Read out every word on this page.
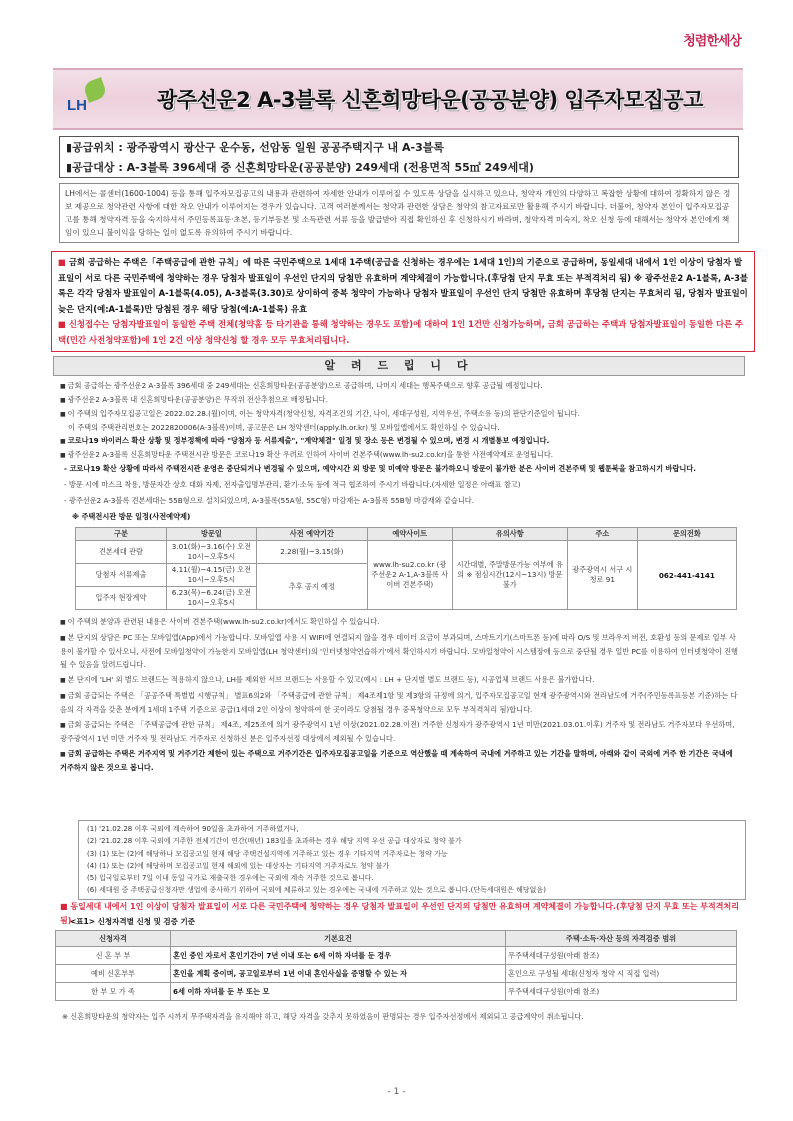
청렴한세상
LH	광주선운2 A-3블록 신혼희망타운(공공분양) 입주자모집공고
▮공급위치 : 광주광역시 광산구 운수동, 선암동 일원 공공주택지구 내 A-3블록
▮공급대상 : A-3블록 396세대 중 신혼희망타운(공공분양) 249세대 (전용면적 55㎡ 249세대)
LH에서는 콜센터(1600-1004) 등을 통해 입주자모집공고의 내용과 관련하여 자세한 안내가 이루어질 수 있도록 상담을 실시하고 있으나, 청약자 개인의 다양하고 복잡한 상황에 대하여 정확하지 않은 정보 제공으로 청약관련 사항에 대한 착오 안내가 이루어지는 경우가 있습니다. 고객 여러분께서는 청약과 관련한 상담은 청약의 참고자료로만 활용해 주시기 바랍니다. 더불어, 청약자 본인이 입주자모집공고를 통해 청약자격 등을 숙지하셔서 주민등록표등·초본, 등기부등본 및 소득관련 서류 등을 발급받아 직접 확인하신 후 신청하시기 바라며, 청약자격 미숙지, 착오 신청 등에 대해서는 청약자 본인에게 책임이 있으니 불이익을 당하는 일이 없도록 유의하여 주시기 바랍니다.
■ 금회 공급하는 주택은「주택공급에 관한 규칙」에 따른 국민주택으로 1세대 1주택(공급을 신청하는 경우에는 1세대 1인)의 기준으로 공급하며, 동일세대 내에서 1인 이상이 당첨자 발표일이 서로 다른 국민주택에 청약하는 경우 당첨자 발표일이 우선인 단지의 당첨만 유효하며 계약체결이 가능합니다.(후당첨 단지 무효 또는 부적격처리 됨) ※ 광주선운2 A-1블록, A-3블록은 각각 당첨자 발표일이 A-1블록(4.05), A-3블록(3.30)로 상이하여 중복 청약이 가능하나 당첨자 발표일이 우선인 단지 당첨만 유효하며 후당첨 단지는 무효처리 됨, 당첨자 발표일이 늦은 단지(예:A-1블록)만 당첨된 경우 해당 당첨(예:A-1블록) 유효
■ 신청접수는 당첨자발표일이 동일한 주택 전체(청약홈 등 타기관을 통해 청약하는 경우도 포함)에 대하여 1인 1건만 신청가능하며, 금회 공급하는 주택과 당첨자발표일이 동일한 다른 주택(민간 사전청약포함)에 1인 2건 이상 청약신청 할 경우 모두 무효처리됩니다.
알 려 드 립 니 다

■ 금회 공급하는 광주선운2 A-3블록 396세대 중 249세대는 신혼희망타운(공공분양)으로 공급하며, 나머지 세대는 행복주택으로 향후 공급될 예정입니다.

■ 광주선운2 A-3블록 내 신혼희망타운(공공분양)은 무작위 전산추첨으로 배정됩니다.

■ 이 주택의 입주자모집공고일은 2022.02.28.(월)이며, 이는 청약자격(청약신청, 자격조건의 기간, 나이, 세대구성원, 지역우선, 주택소유 등)의 판단기준일이 됩니다.

이 주택의 주택관리번호는 2022820006(A-3블록)이며, 공고문은 LH 청약센터(apply.lh.or.kr) 및 모바일앱에서도 확인하실 수 있습니다.

■ 코로나19 바이러스 확산 상황 및 정부정책에 따라 "당첨자 등 서류제출", "계약체결" 일정 및 장소 등은 변경될 수 있으며, 변경 시 개별통보 예정입니다.

■ 광주선운2 A-3블록 신혼희망타운 주택전시관 방문은 코로나19 확산 우려로 인하여 사이버 견본주택(www.lh-su2.co.kr)을 통한 사전예약제로 운영됩니다.

- 코로나19 확산 상황에 따라서 주택전시관 운영은 중단되거나 변경될 수 있으며, 예약시간 외 방문 및 미예약 방문은 불가하오니 방문이 불가한 분은 사이버 견본주택 및 웹툰북을 참고하시기 바랍니다.

- 방문 시에 마스크 착용, 방문자간 상호 대화 자제, 전자출입명부관리, 환기·소독 등에 적극 협조하여 주시기 바랍니다.(자세한 일정은 아래표 참고)

- 광주선운2 A-3블록 견본세대는 55B형으로 설치되었으며, A-3블록(55A형, 55C형) 마감재는 A-3블록 55B형 마감재와 같습니다.

※ 주택전시관 방문 일정(사전예약제)

구분	방문일	사전 예약기간	예약사이트	유의사항	주소	문의전화
견본세대 관람	3.01(화)~3.16(수) 오전10시~오후5시	2.28(월)~3.15(화)	www.lh-su2.co.kr (광주선운2 A-1,A-3블록 사이버 견본주택)	시간대별, 주말방문가능 여부에 유의 ※ 점심시간(12시~13시) 방문 불가	광주광역시 서구 시청로 91	062-441-4141
당첨자 서류제출	4.11(월)~4.15(금) 오전10시~오후5시	추후 공지 예정				
입주자 현장계약	6.23(목)~6.24(금) 오전10시~오후5시					

■ 이 주택의 분양과 관련된 내용은 사이버 견본주택(www.lh-su2.co.kr)에서도 확인하실 수 있습니다.

■ 본 단지의 상담은 PC 또는 모바일앱(App)에서 가능합니다. 모바일앱 사용 시 WIFI에 연결되지 않을 경우 데이터 요금이 부과되며, 스마트기기(스마트폰 등)에 따라 O/S 및 브라우저 버전, 호환성 등의 문제로 일부 사용이 불가할 수 있사오니, 사전에 모바일청약이 가능한지 모바일앱(LH 청약센터)의 '인터넷청약연습하기'에서 확인하시기 바랍니다. 모바일청약이 시스템장애 등으로 중단될 경우 일반 PC를 이용하여 인터넷청약이 진행될 수 있음을 알려드립니다.

■ 본 단지에 'LH' 외 별도 브랜드는 적용하지 않으나, LH를 제외한 서브 브랜드는 사용할 수 있고(예시 : LH + 단지별 별도 브랜드 등), 시공업체 브랜드 사용은 불가합니다.

■ 금회 공급되는 주택은 「공공주택 특별법 시행규칙」 별표6의2와 「주택공급에 관한 규칙」 제4조제1항 및 제3항의 규정에 의거, 입주자모집공고일 현재 광주광역시와 전라남도에 거주(주민등록표등본 기준)하는 다음의 각 자격을 갖춘 분에게 1세대 1주택 기준으로 공급(1세대 2인 이상이 청약하여 한 곳이라도 당첨될 경우 중복청약으로 모두 부적격처리 됨)합니다.

■ 금회 공급되는 주택은 「주택공급에 관한 규칙」 제4조, 제25조에 의거 광주광역시 1년 이상(2021.02.28.이전) 거주한 신청자가 광주광역시 1년 미만(2021.03.01.이후) 거주자 및 전라남도 거주자보다 우선하며, 광주광역시 1년 미만 거주자 및 전라남도 거주자로 신청하신 분은 입주자선정 대상에서 제외될 수 있습니다.

■ 금회 공급하는 주택은 거주지역 및 거주기간 제한이 있는 주택으로 거주기간은 입주자모집공고일을 기준으로 역산했을 때 계속하여 국내에 거주하고 있는 기간을 말하며, 아래와 같이 국외에 거주 한 기간은 국내에 거주하지 않은 것으로 봅니다.

(1) '21.02.28 이후 국외에 계속하여 90일을 초과하여 거주하였거나,
(2) '21.02.28 이후 국외에 거주한 전체기간이 연간(매년) 183일을 초과하는 경우 해당 지역 우선 공급 대상자로 청약 불가
(3) (1) 또는 (2)에 해당하나 모집공고일 현재 해당 주택건설지역에 거주하고 있는 경우 기타지역 거주자로는 청약 가능
(4) (1) 또는 (2)에 해당하며 모집공고일 현재 해외에 있는 대상자는 기타지역 거주자로도 청약 불가
(5) 입국일로부터 7일 이내 동일 국가로 재출국한 경우에는 국외에 계속 거주한 것으로 봅니다.
(6) 세대원 중 주택공급신청자만 생업에 종사하기 위하여 국외에 체류하고 있는 경우에는 국내에 거주하고 있는 것으로 봅니다.(단독세대원은 해당없음)
■ 동일세대 내에서 1인 이상이 당첨자 발표일이 서로 다른 국민주택에 청약하는 경우 당첨자 발표일이 우선인 단지의 당첨만 유효하며 계약체결이 가능합니다.(후당첨 단지 무효 또는 부적격처리 됨).
<표1> 신청자격별 신청 및 검증 기준
신청자격	기본요건	주택·소득·자산 등의 자격검증 범위
신 혼 부 부	혼인 중인 자로서 혼인기간이 7년 이내 또는 6세 이하 자녀를 둔 경우	무주택세대구성원(아래 참조)
예비 신혼부부	혼인을 계획 중이며, 공고일로부터 1년 이내 혼인사실을 증명할 수 있는 자	혼인으로 구성될 세대(신청자 청약 시 직접 입력)
한 부 모 가 족	6세 이하 자녀를 둔 부 또는 모	무주택세대구성원(아래 참조)
※ 신혼희망타운의 청약자는 입주 시까지 무주택자격을 유지해야 하고, 해당 자격을 갖추지 못하였음이 판명되는 경우 입주자선정에서 제외되고 공급계약이 취소됩니다.
- 1 -
